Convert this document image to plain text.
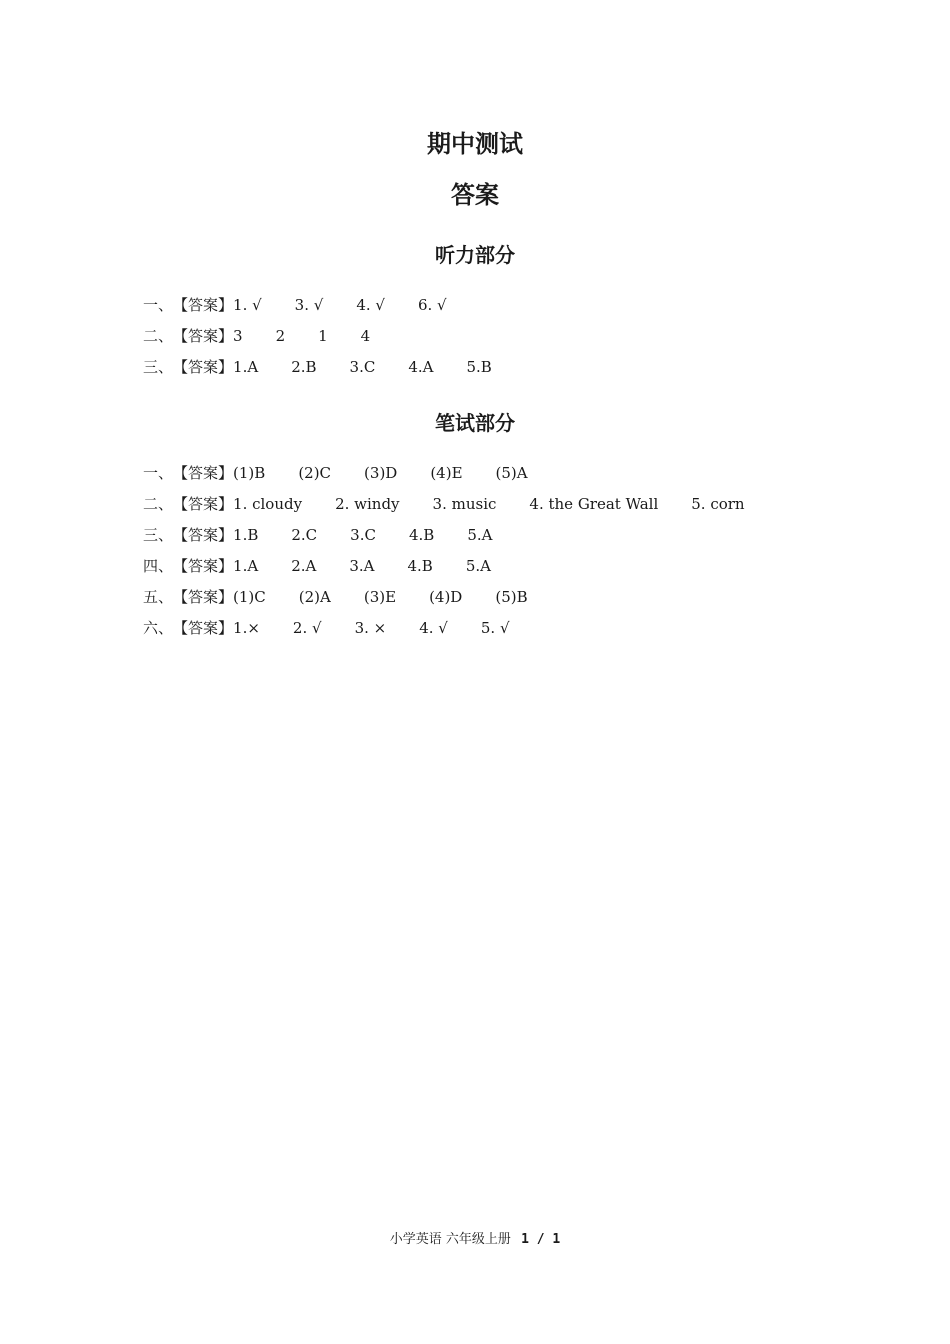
期中测试
答案
听力部分
一、【答案】1. √ 3. √ 4. √ 6. √
二、【答案】3 2 1 4
三、【答案】1.A 2.B 3.C 4.A 5.B
笔试部分
一、【答案】(1)B (2)C (3)D (4)E (5)A
二、【答案】1. cloudy 2. windy 3. music 4. the Great Wall 5. corn
三、【答案】1.B 2.C 3.C 4.B 5.A
四、【答案】1.A 2.A 3.A 4.B 5.A
五、【答案】(1)C (2)A (3)E (4)D (5)B
六、【答案】1.× 2. √ 3. × 4. √ 5. √
小学英语 六年级上册 1 / 1
